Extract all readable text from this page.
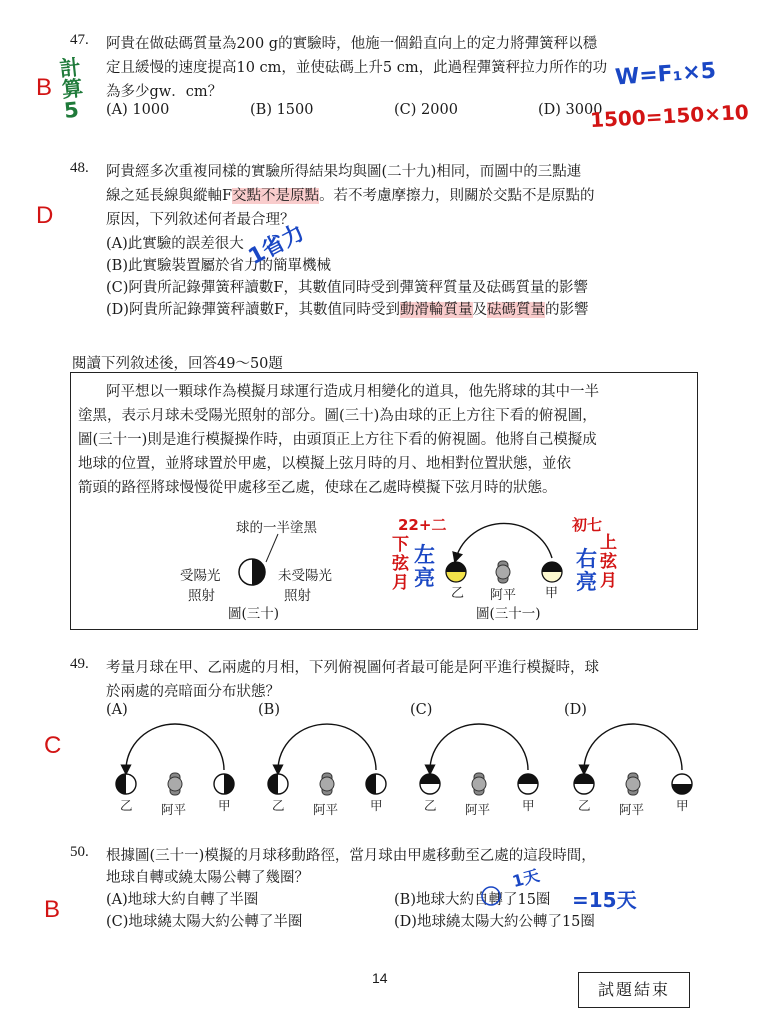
47. 阿貴在做砝碼質量為200 g的實驗時，他施一個鉛直向上的定力將彈簧秤以穩
定且緩慢的速度提高10 cm，並使砝碼上升5 cm，此過程彈簧秤拉力所作的功
為多少gw．cm？
(A) 1000	(B) 1500	(C) 2000	(D) 3000
B
計算5
W=F₁×5
1500=150×10
48. 阿貴經多次重複同樣的實驗所得結果均與圖(二十九)相同，而圖中的三點連
線之延長線與縱軸F交點不是原點。若不考慮摩擦力，則關於交點不是原點的
原因，下列敘述何者最合理？
(A)此實驗的誤差很大
(B)此實驗裝置屬於省力的簡單機械
(C)阿貴所記錄彈簧秤讀數F，其數值同時受到彈簧秤質量及砝碼質量的影響
(D)阿貴所記錄彈簧秤讀數F，其數值同時受到動滑輪質量及砝碼質量的影響
D
1省力
閱讀下列敘述後，回答49～50題
阿平想以一顆球作為模擬月球運行造成月相變化的道具，他先將球的其中一半
塗黑，表示月球未受陽光照射的部分。圖(三十)為由球的正上方往下看的俯視圖，
圖(三十一)則是進行模擬操作時，由頭頂正上方往下看的俯視圖。他將自己模擬成
地球的位置，並將球置於甲處，以模擬上弦月時的月、地相對位置狀態，並依
箭頭的路徑將球慢慢從甲處移至乙處，使球在乙處時模擬下弦月時的狀態。
球的一半塗黑
受陽光
照射
未受陽光
照射
圖(三十)
乙 阿平 甲
圖(三十一)
22+二
下弦月
左亮
初七
右亮
上弦月
49. 考量月球在甲、乙兩處的月相，下列俯視圖何者最可能是阿平進行模擬時，球
於兩處的亮暗面分布狀態？
C
(A)	(B)	(C)	(D)
乙 阿平	甲	乙 阿平	甲	乙 阿平	甲	乙 阿平	甲
50. 根據圖(三十一)模擬的月球移動路徑，當月球由甲處移動至乙處的這段時間，
地球自轉或繞太陽公轉了幾圈？
(A)地球大約自轉了半圈	(B)地球大約自轉了15圈
(C)地球繞太陽大約公轉了半圈	(D)地球繞太陽大約公轉了15圈
B
1天
=15天
14
試題結束
